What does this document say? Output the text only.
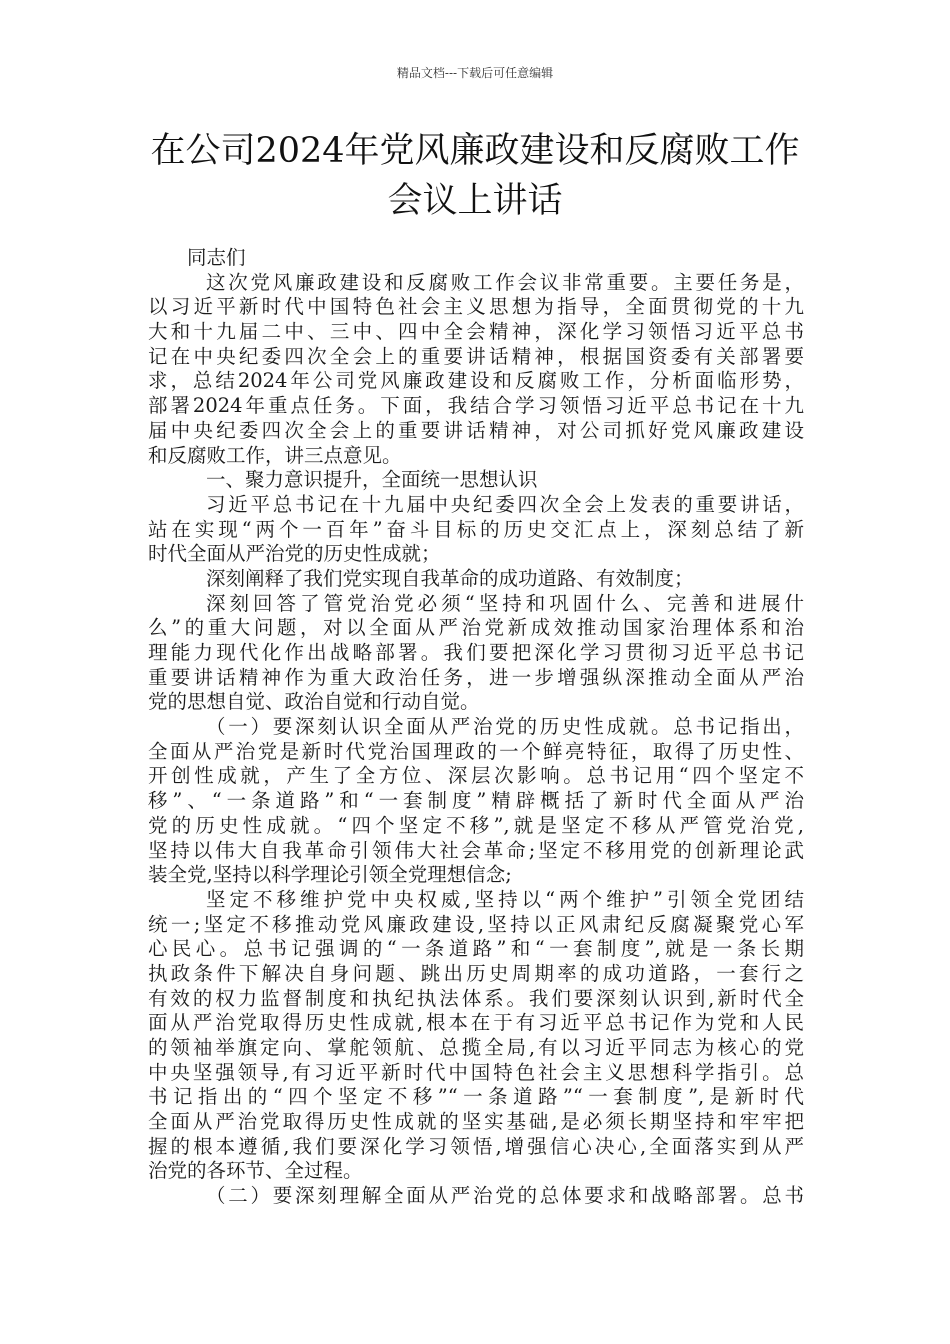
精品文档---下载后可任意编辑
在公司2024年党风廉政建设和反腐败工作
会议上讲话
同志们
这次党风廉政建设和反腐败工作会议非常重要。主要任务是，
以习近平新时代中国特色社会主义思想为指导，全面贯彻党的十九
大和十九届二中、三中、四中全会精神，深化学习领悟习近平总书
记在中央纪委四次全会上的重要讲话精神，根据国资委有关部署要
求，总结2024年公司党风廉政建设和反腐败工作，分析面临形势，
部署2024年重点任务。下面，我结合学习领悟习近平总书记在十九
届中央纪委四次全会上的重要讲话精神，对公司抓好党风廉政建设
和反腐败工作，讲三点意见。
一、聚力意识提升，全面统一思想认识
习近平总书记在十九届中央纪委四次全会上发表的重要讲话，
站在实现“两个一百年”奋斗目标的历史交汇点上，深刻总结了新
时代全面从严治党的历史性成就；
深刻阐释了我们党实现自我革命的成功道路、有效制度；
深刻回答了管党治党必须“坚持和巩固什么、完善和进展什
么”的重大问题，对以全面从严治党新成效推动国家治理体系和治
理能力现代化作出战略部署。我们要把深化学习贯彻习近平总书记
重要讲话精神作为重大政治任务，进一步增强纵深推动全面从严治
党的思想自觉、政治自觉和行动自觉。
（一）要深刻认识全面从严治党的历史性成就。总书记指出，
全面从严治党是新时代党治国理政的一个鲜亮特征，取得了历史性、
开创性成就，产生了全方位、深层次影响。总书记用“四个坚定不
移”、“一条道路”和“一套制度”精辟概括了新时代全面从严治
党的历史性成就。“四个坚定不移”,就是坚定不移从严管党治党,
坚持以伟大自我革命引领伟大社会革命;坚定不移用党的创新理论武
装全党,坚持以科学理论引领全党理想信念;
坚定不移维护党中央权威,坚持以“两个维护”引领全党团结
统一;坚定不移推动党风廉政建设,坚持以正风肃纪反腐凝聚党心军
心民心。总书记强调的“一条道路”和“一套制度”,就是一条长期
执政条件下解决自身问题、跳出历史周期率的成功道路，一套行之
有效的权力监督制度和执纪执法体系。我们要深刻认识到,新时代全
面从严治党取得历史性成就,根本在于有习近平总书记作为党和人民
的领袖举旗定向、掌舵领航、总揽全局,有以习近平同志为核心的党
中央坚强领导,有习近平新时代中国特色社会主义思想科学指引。总
书记指出的“四个坚定不移”“一条道路”“一套制度”,是新时代
全面从严治党取得历史性成就的坚实基础,是必须长期坚持和牢牢把
握的根本遵循,我们要深化学习领悟,增强信心决心,全面落实到从严
治党的各环节、全过程。
（二）要深刻理解全面从严治党的总体要求和战略部署。总书
